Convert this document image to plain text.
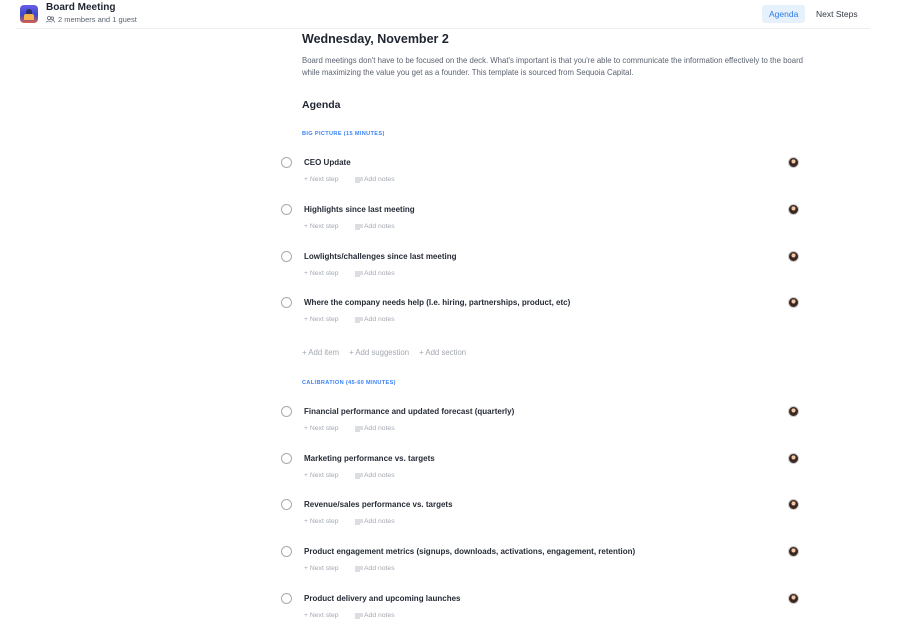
Board Meeting
2 members and 1 guest
Agenda	Next Steps
Wednesday, November 2
Board meetings don't have to be focused on the deck. What's important is that you're able to communicate the information effectively to the board while maximizing the value you get as a founder. This template is sourced from Sequoia Capital.
Agenda
BIG PICTURE (15 MINUTES)
CEO Update
+ Next step	Add notes
Highlights since last meeting
+ Next step	Add notes
Lowlights/challenges since last meeting
+ Next step	Add notes
Where the company needs help (I.e. hiring, partnerships, product, etc)
+ Next step	Add notes
+ Add item + Add suggestion + Add section
CALIBRATION (45-60 MINUTES)
Financial performance and updated forecast (quarterly)
+ Next step	Add notes
Marketing performance vs. targets
+ Next step	Add notes
Revenue/sales performance vs. targets
+ Next step	Add notes
Product engagement metrics (signups, downloads, activations, engagement, retention)
+ Next step	Add notes
Product delivery and upcoming launches
+ Next step	Add notes
